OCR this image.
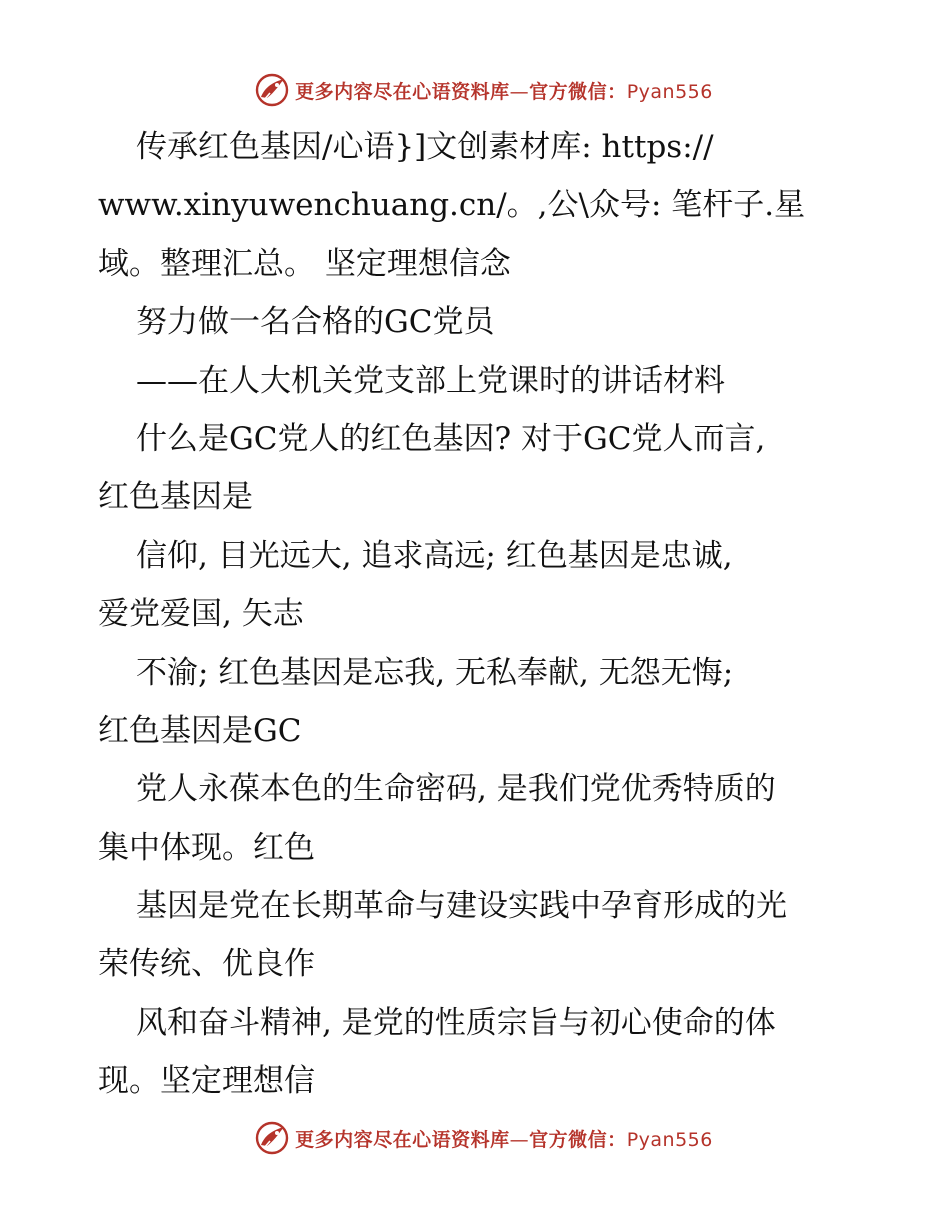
更多内容尽在心语资料库—官方微信：Pyan556
传承红色基因/心语}]文创素材库: https://
www.xinyuwenchuang.cn/。,公\众号: 笔杆子.星
域。整理汇总。 坚定理想信念
努力做一名合格的GC党员
——在人大机关党支部上党课时的讲话材料
什么是GC党人的红色基因? 对于GC党人而言,
红色基因是
信仰, 目光远大, 追求高远; 红色基因是忠诚,
爱党爱国, 矢志
不渝; 红色基因是忘我, 无私奉献, 无怨无悔;
红色基因是GC
党人永葆本色的生命密码, 是我们党优秀特质的
集中体现。红色
基因是党在长期革命与建设实践中孕育形成的光
荣传统、优良作
风和奋斗精神, 是党的性质宗旨与初心使命的体
现。坚定理想信
更多内容尽在心语资料库—官方微信：Pyan556
